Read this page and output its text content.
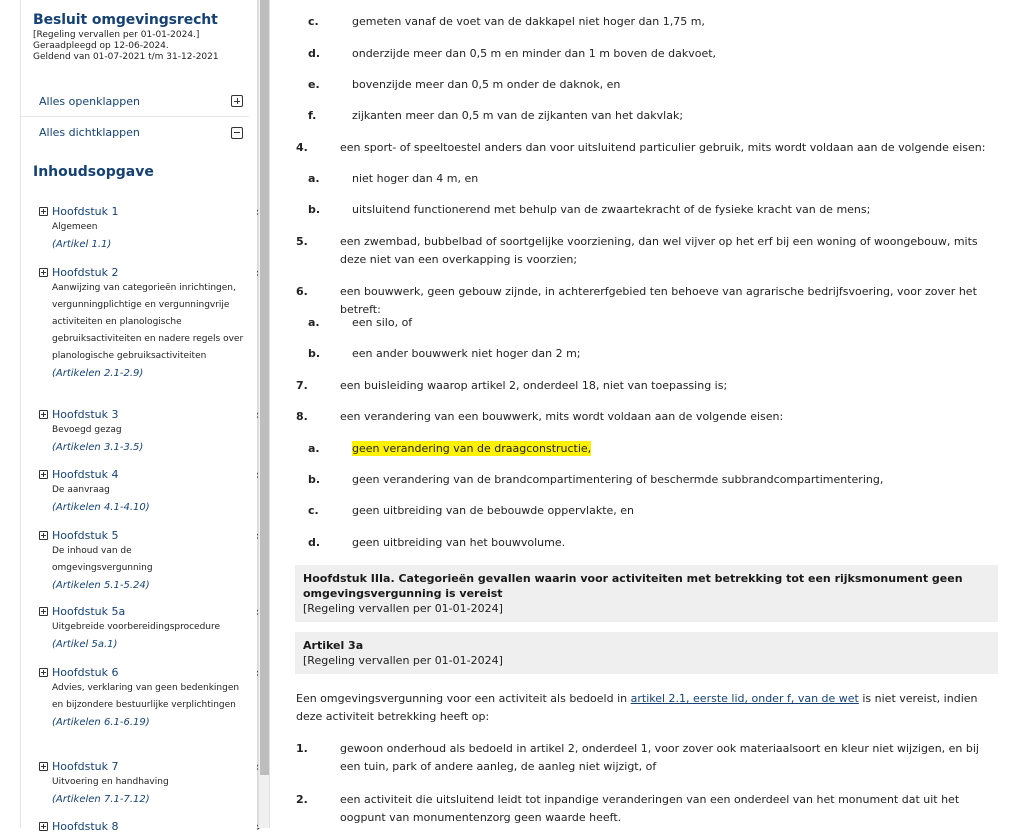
Besluit omgevingsrecht
[Regeling vervallen per 01-01-2024.]
Geraadpleegd op 12-06-2024.
Geldend van 01-07-2021 t/m 31-12-2021
Alles openklappen
Alles dichtklappen
Inhoudsopgave
Hoofdstuk 1
Algemeen
(Artikel 1.1)
Hoofdstuk 2
Aanwijzing van categorieën inrichtingen, vergunningplichtige en vergunningvrije activiteiten en planologische gebruiksactiviteiten en nadere regels over planologische gebruiksactiviteiten
(Artikelen 2.1-2.9)
Hoofdstuk 3
Bevoegd gezag
(Artikelen 3.1-3.5)
Hoofdstuk 4
De aanvraag
(Artikelen 4.1-4.10)
Hoofdstuk 5
De inhoud van de omgevingsvergunning
(Artikelen 5.1-5.24)
Hoofdstuk 5a
Uitgebreide voorbereidingsprocedure
(Artikel 5a.1)
Hoofdstuk 6
Advies, verklaring van geen bedenkingen en bijzondere bestuurlijke verplichtingen
(Artikelen 6.1-6.19)
Hoofdstuk 7
Uitvoering en handhaving
(Artikelen 7.1-7.12)
Hoofdstuk 8
c.	gemeten vanaf de voet van de dakkapel niet hoger dan 1,75 m,
d.	onderzijde meer dan 0,5 m en minder dan 1 m boven de dakvoet,
e.	bovenzijde meer dan 0,5 m onder de daknok, en
f.	zijkanten meer dan 0,5 m van de zijkanten van het dakvlak;
4.	een sport- of speeltoestel anders dan voor uitsluitend particulier gebruik, mits wordt voldaan aan de volgende eisen:
a.	niet hoger dan 4 m, en
b.	uitsluitend functionerend met behulp van de zwaartekracht of de fysieke kracht van de mens;
5.	een zwembad, bubbelbad of soortgelijke voorziening, dan wel vijver op het erf bij een woning of woongebouw, mits deze niet van een overkapping is voorzien;
6.	een bouwwerk, geen gebouw zijnde, in achtererfgebied ten behoeve van agrarische bedrijfsvoering, voor zover het betreft:
a.	een silo, of
b.	een ander bouwwerk niet hoger dan 2 m;
7.	een buisleiding waarop artikel 2, onderdeel 18, niet van toepassing is;
8.	een verandering van een bouwwerk, mits wordt voldaan aan de volgende eisen:
a.	geen verandering van de draagconstructie,
b.	geen verandering van de brandcompartimentering of beschermde subbrandcompartimentering,
c.	geen uitbreiding van de bebouwde oppervlakte, en
d.	geen uitbreiding van het bouwvolume.
Hoofdstuk IIIa. Categorieën gevallen waarin voor activiteiten met betrekking tot een rijksmonument geen omgevingsvergunning is vereist
[Regeling vervallen per 01-01-2024]
Artikel 3a
[Regeling vervallen per 01-01-2024]
Een omgevingsvergunning voor een activiteit als bedoeld in artikel 2.1, eerste lid, onder f, van de wet is niet vereist, indien deze activiteit betrekking heeft op:
1.	gewoon onderhoud als bedoeld in artikel 2, onderdeel 1, voor zover ook materiaalsoort en kleur niet wijzigen, en bij een tuin, park of andere aanleg, de aanleg niet wijzigt, of
2.	een activiteit die uitsluitend leidt tot inpandige veranderingen van een onderdeel van het monument dat uit het oogpunt van monumentenzorg geen waarde heeft.
